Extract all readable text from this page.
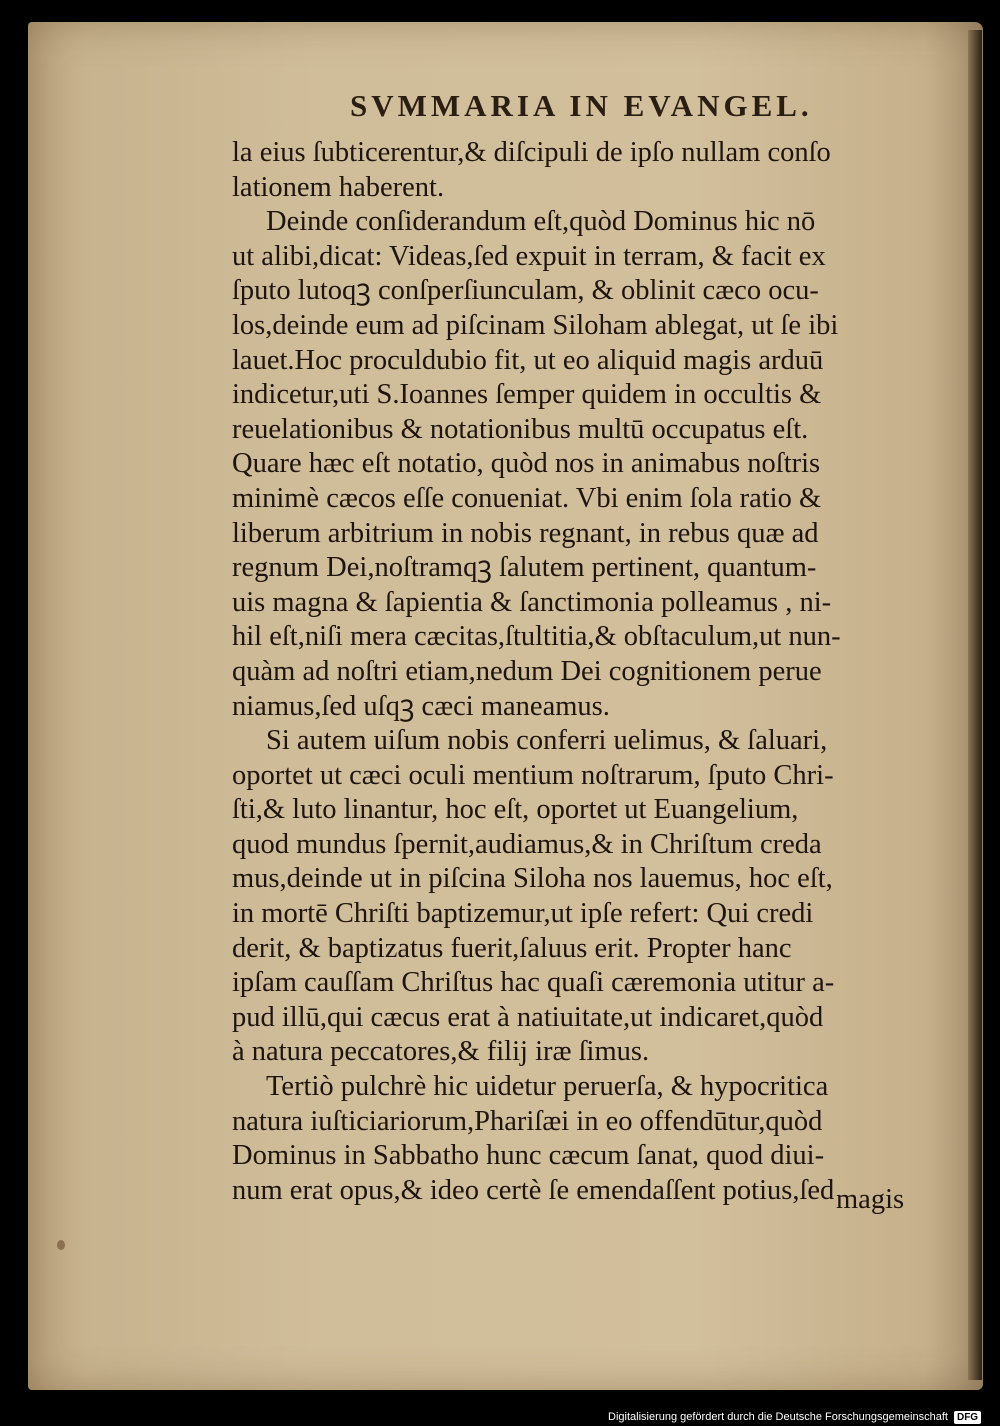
SVMMARIA IN EVANGEL.
la eius ſubticerentur,& diſcipuli de ipſo nullam conſo
lationem haberent.
Deinde conſiderandum eſt,quòd Dominus hic nō
ut alibi,dicat: Videas,ſed expuit in terram, & facit ex
ſputo lutoqꝫ conſperſiunculam, & oblinit cæco ocu-
los,deinde eum ad piſcinam Siloham ablegat, ut ſe ibi
lauet.Hoc proculdubio fit, ut eo aliquid magis arduū
indicetur,uti S.Ioannes ſemper quidem in occultis &
reuelationibus & notationibus multū occupatus eſt.
Quare hæc eſt notatio, quòd nos in animabus noſtris
minimè cæcos eſſe conueniat. Vbi enim ſola ratio &
liberum arbitrium in nobis regnant, in rebus quæ ad
regnum Dei,noſtramqꝫ ſalutem pertinent, quantum-
uis magna & ſapientia & ſanctimonia polleamus , ni-
hil eſt,niſi mera cæcitas,ſtultitia,& obſtaculum,ut nun-
quàm ad noſtri etiam,nedum Dei cognitionem perue
niamus,ſed uſqꝫ cæci maneamus.
Si autem uiſum nobis conferri uelimus, & ſaluari,
oportet ut cæci oculi mentium noſtrarum, ſputo Chri-
ſti,& luto linantur, hoc eſt, oportet ut Euangelium,
quod mundus ſpernit,audiamus,& in Chriſtum creda
mus,deinde ut in piſcina Siloha nos lauemus, hoc eſt,
in mortē Chriſti baptizemur,ut ipſe refert: Qui credi
derit, & baptizatus fuerit,ſaluus erit. Propter hanc
ipſam cauſſam Chriſtus hac quaſi cæremonia utitur a-
pud illū,qui cæcus erat à natiuitate,ut indicaret,quòd
à natura peccatores,& filij iræ ſimus.
Tertiò pulchrè hic uidetur peruerſa, & hypocritica
natura iuſticiariorum,Phariſæi in eo offendūtur,quòd
Dominus in Sabbatho hunc cæcum ſanat, quod diui-
num erat opus,& ideo certè ſe emendaſſent potius,ſed magis
Digitalisierung gefördert durch die Deutsche Forschungsgemeinschaft DFG
